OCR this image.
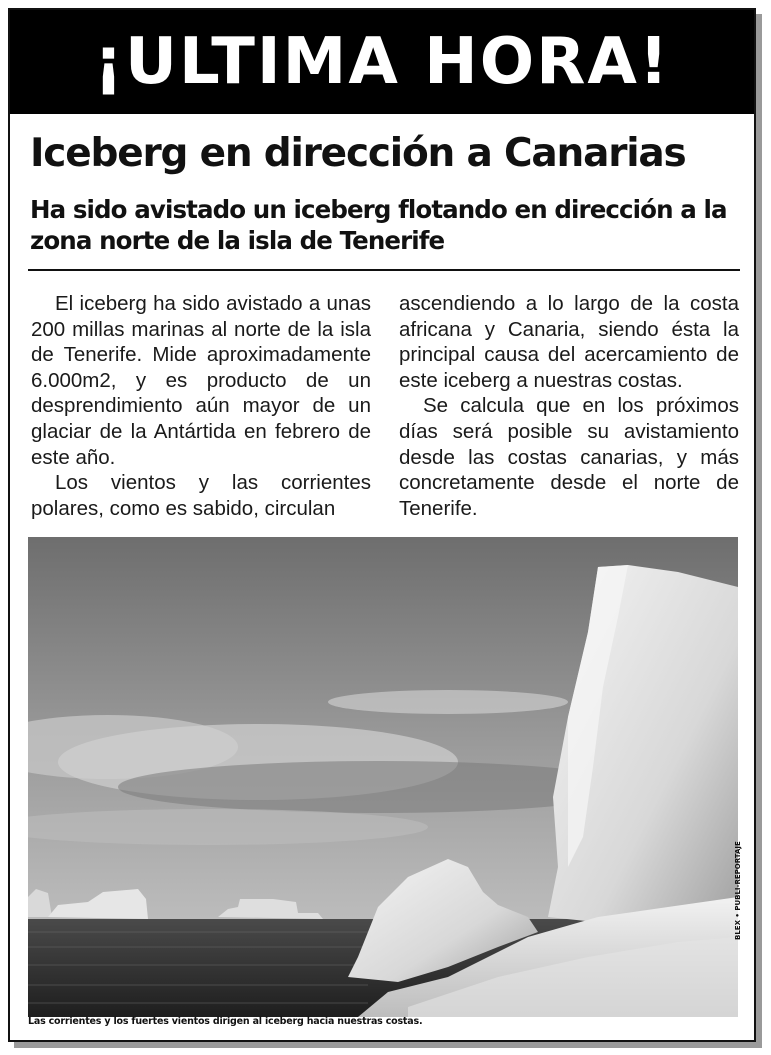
¡ULTIMA HORA!
Iceberg en dirección a Canarias
Ha sido avistado un iceberg flotando en dirección a la zona norte de la isla de Tenerife

El iceberg ha sido avistado a unas 200 millas marinas al norte de la isla de Tenerife. Mide aproximadamente 6.000m2, y es producto de un desprendimiento aún mayor de un glaciar de la Antártida en febrero de este año.

Los vientos y las corrientes polares, como es sabido, circulan

ascendiendo a lo largo de la costa africana y Canaria, siendo ésta la principal causa del acercamiento de este iceberg a nuestras costas.

Se calcula que en los próximos días será posible su avistamiento desde las costas canarias, y más concretamente desde el norte de Tenerife.

Las corrientes y los fuertes vientos dirigen al iceberg hacia nuestras costas.
BLEX • PUBLI-REPORTAJE
